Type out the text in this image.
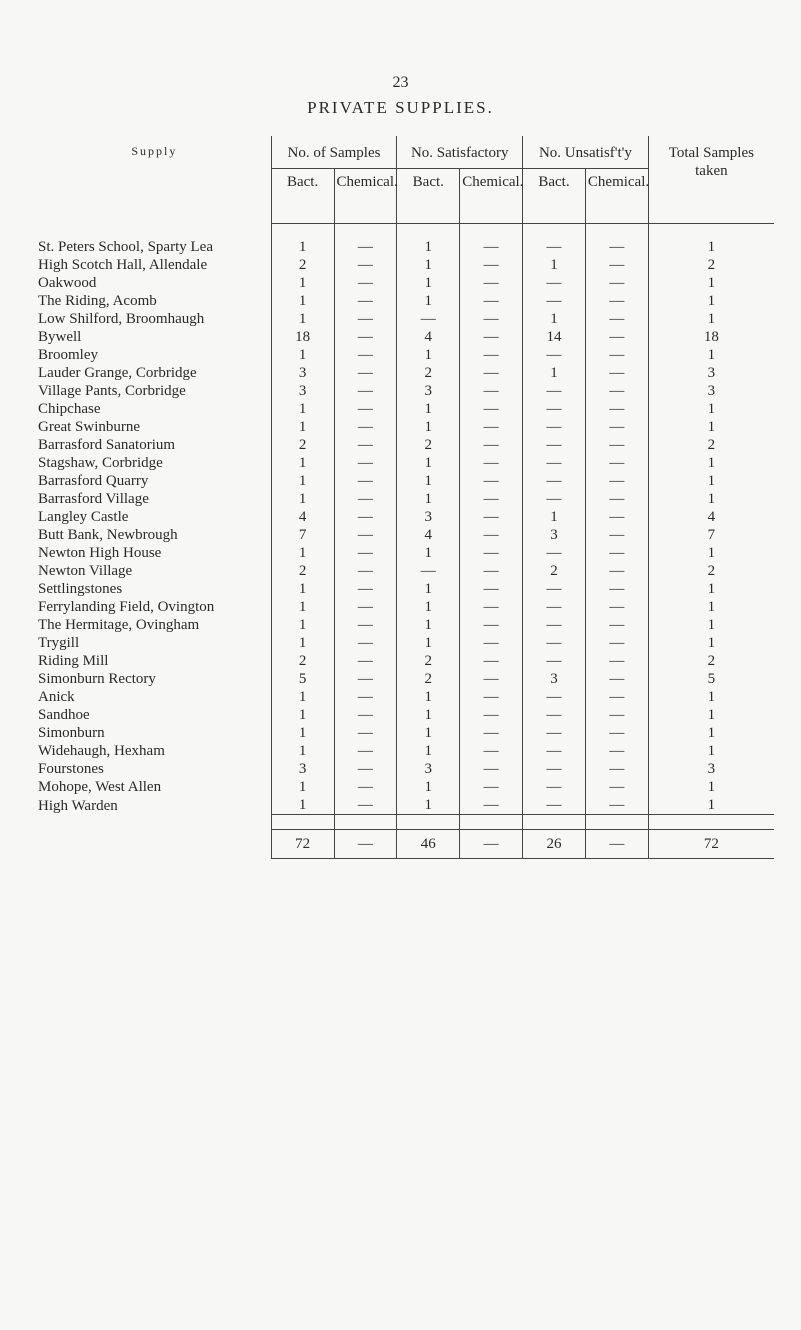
23
PRIVATE SUPPLIES.
Supply	No. of Samples		No. Satisfactory		No. Unsatisf't'y		Total Samples taken
	Bact.	Chemical.	Bact.	Chemical.	Bact.	Chemical.	

St. Peters School, Sparty Lea	1	—	1	—	—	—	1
High Scotch Hall, Allendale	2	—	1	—	1	—	2
Oakwood	1	—	1	—	—	—	1
The Riding, Acomb	1	—	1	—	—	—	1
Low Shilford, Broomhaugh	1	—	—	—	1	—	1
Bywell	18	—	4	—	14	—	18
Broomley	1	—	1	—	—	—	1
Lauder Grange, Corbridge	3	—	2	—	1	—	3
Village Pants, Corbridge	3	—	3	—	—	—	3
Chipchase	1	—	1	—	—	—	1
Great Swinburne	1	—	1	—	—	—	1
Barrasford Sanatorium	2	—	2	—	—	—	2
Stagshaw, Corbridge	1	—	1	—	—	—	1
Barrasford Quarry	1	—	1	—	—	—	1
Barrasford Village	1	—	1	—	—	—	1
Langley Castle	4	—	3	—	1	—	4
Butt Bank, Newbrough	7	—	4	—	3	—	7
Newton High House	1	—	1	—	—	—	1
Newton Village	2	—	—	—	2	—	2
Settlingstones	1	—	1	—	—	—	1
Ferrylanding Field, Ovington	1	—	1	—	—	—	1
The Hermitage, Ovingham	1	—	1	—	—	—	1
Trygill	1	—	1	—	—	—	1
Riding Mill	2	—	2	—	—	—	2
Simonburn Rectory	5	—	2	—	3	—	5
Anick	1	—	1	—	—	—	1
Sandhoe	1	—	1	—	—	—	1
Simonburn	1	—	1	—	—	—	1
Widehaugh, Hexham	1	—	1	—	—	—	1
Fourstones	3	—	3	—	—	—	3
Mohope, West Allen	1	—	1	—	—	—	1
High Warden	1	—	1	—	—	—	1

	72	—	46	—	26	—	72
